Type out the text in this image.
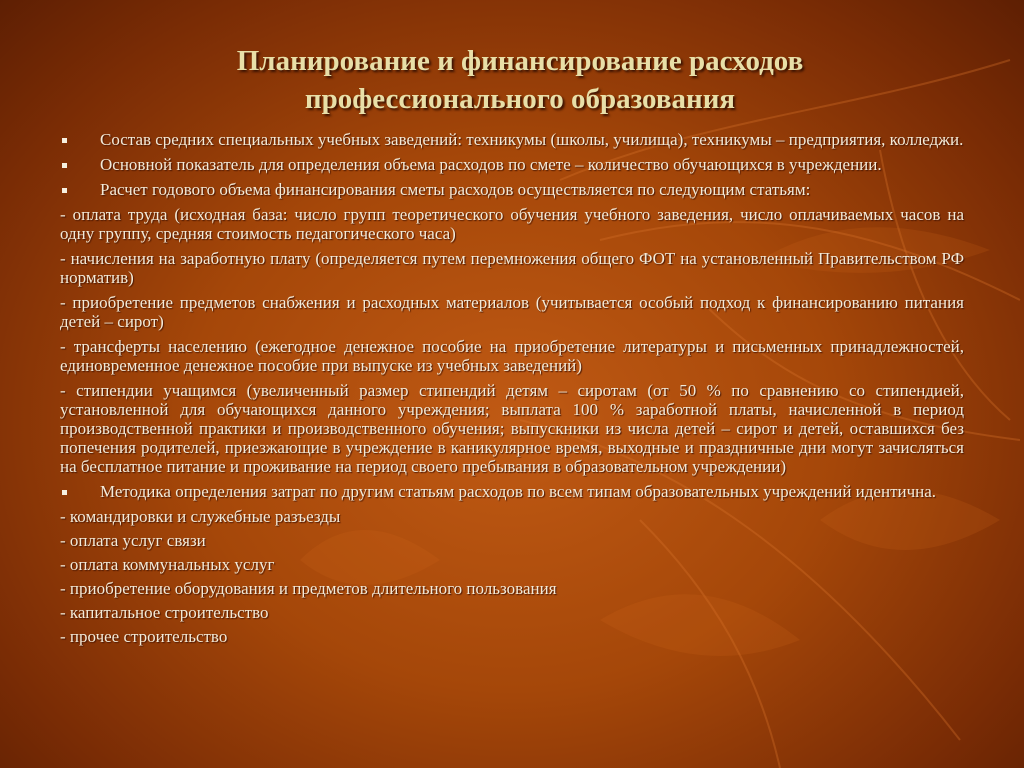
Планирование и финансирование расходов
профессионального образования
Состав средних специальных учебных заведений: техникумы (школы, училища), техникумы – предприятия, колледжи.
Основной показатель для определения объема расходов по смете – количество обучающихся в учреждении.
Расчет годового объема финансирования сметы расходов осуществляется по следующим статьям:
- оплата труда (исходная база: число групп теоретического обучения учебного заведения, число оплачиваемых часов на одну группу, средняя стоимость педагогического часа)
- начисления на заработную плату (определяется путем перемножения общего ФОТ на установленный Правительством РФ норматив)
- приобретение предметов снабжения и расходных материалов (учитывается особый подход к финансированию питания детей – сирот)
- трансферты населению (ежегодное денежное пособие на приобретение литературы и письменных принадлежностей, единовременное денежное пособие при выпуске из учебных заведений)
- стипендии учащимся (увеличенный размер стипендий детям – сиротам (от 50 % по сравнению со стипендией, установленной для обучающихся данного учреждения; выплата 100 % заработной платы, начисленной в период производственной практики и производственного обучения; выпускники из числа детей – сирот и детей, оставшихся без попечения родителей, приезжающие в учреждение в каникулярное время, выходные и праздничные дни могут зачисляться на бесплатное питание и проживание на период своего пребывания в образовательном учреждении)
Методика определения затрат по другим статьям расходов по всем типам образовательных учреждений идентична.
- командировки и служебные разъезды
- оплата услуг связи
- оплата коммунальных услуг
- приобретение оборудования и предметов длительного пользования
- капитальное строительство
- прочее строительство
